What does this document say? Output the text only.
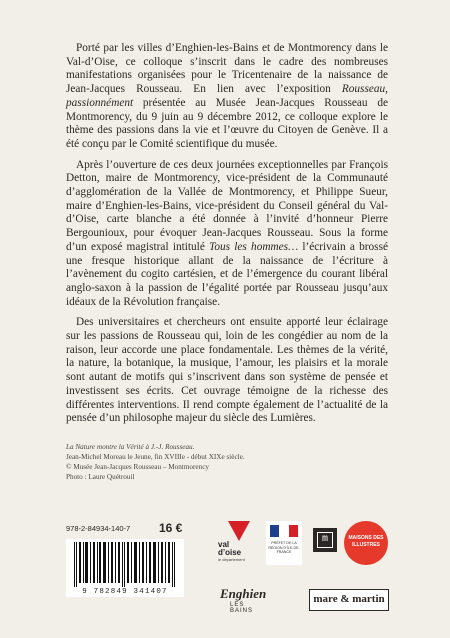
Porté par les villes d’Enghien-les-Bains et de Montmorency dans le Val-d’Oise, ce colloque s’inscrit dans le cadre des nombreuses manifestations organisées pour le Tricentenaire de la naissance de Jean-Jacques Rousseau. En lien avec l’exposition Rousseau, passionnément présentée au Musée Jean-Jacques Rousseau de Montmorency, du 9 juin au 9 décembre 2012, ce colloque explore le thème des passions dans la vie et l’œuvre du Citoyen de Genève. Il a été conçu par le Comité scientifique du musée.

Après l’ouverture de ces deux journées exceptionnelles par François Detton, maire de Montmorency, vice-président de la Communauté d’agglomération de la Vallée de Montmorency, et Philippe Sueur, maire d’Enghien-les-Bains, vice-président du Conseil général du Val-d’Oise, carte blanche a été donnée à l’invité d’honneur Pierre Bergounioux, pour évoquer Jean-Jacques Rousseau. Sous la forme d’un exposé magistral intitulé Tous les hommes… l’écrivain a brossé une fresque historique allant de la naissance de l’écriture à l’avènement du cogito cartésien, et de l’émergence du courant libéral anglo-saxon à la passion de l’égalité portée par Rousseau jusqu’aux idéaux de la Révolution française.

Des universitaires et chercheurs ont ensuite apporté leur éclairage sur les passions de Rousseau qui, loin de les congédier au nom de la raison, leur accorde une place fondamentale. Les thèmes de la vérité, la nature, la botanique, la musique, l’amour, les plaisirs et la morale sont autant de motifs qui s’inscrivent dans son système de pensée et investissent ses écrits. Cet ouvrage témoigne de la richesse des différentes interventions. Il rend compte également de l’actualité de la pensée d’un philosophe majeur du siècle des Lumières.

La Nature montre la Vérité à J.-J. Rousseau.
Jean-Michel Moreau le Jeune, fin XVIIIe - début XIXe siècle.
© Musée Jean-Jacques Rousseau – Montmorency
Photo : Laure Quétrouil
978-2-84934-140-7 16 €
9 782849 341407
val d’oise
le département
PRÉFET DE LA RÉGION D’ÎLE-DE-FRANCE
m	MAISONS DES ILLUSTRES
Enghien
LES BAINS
mare & martin
